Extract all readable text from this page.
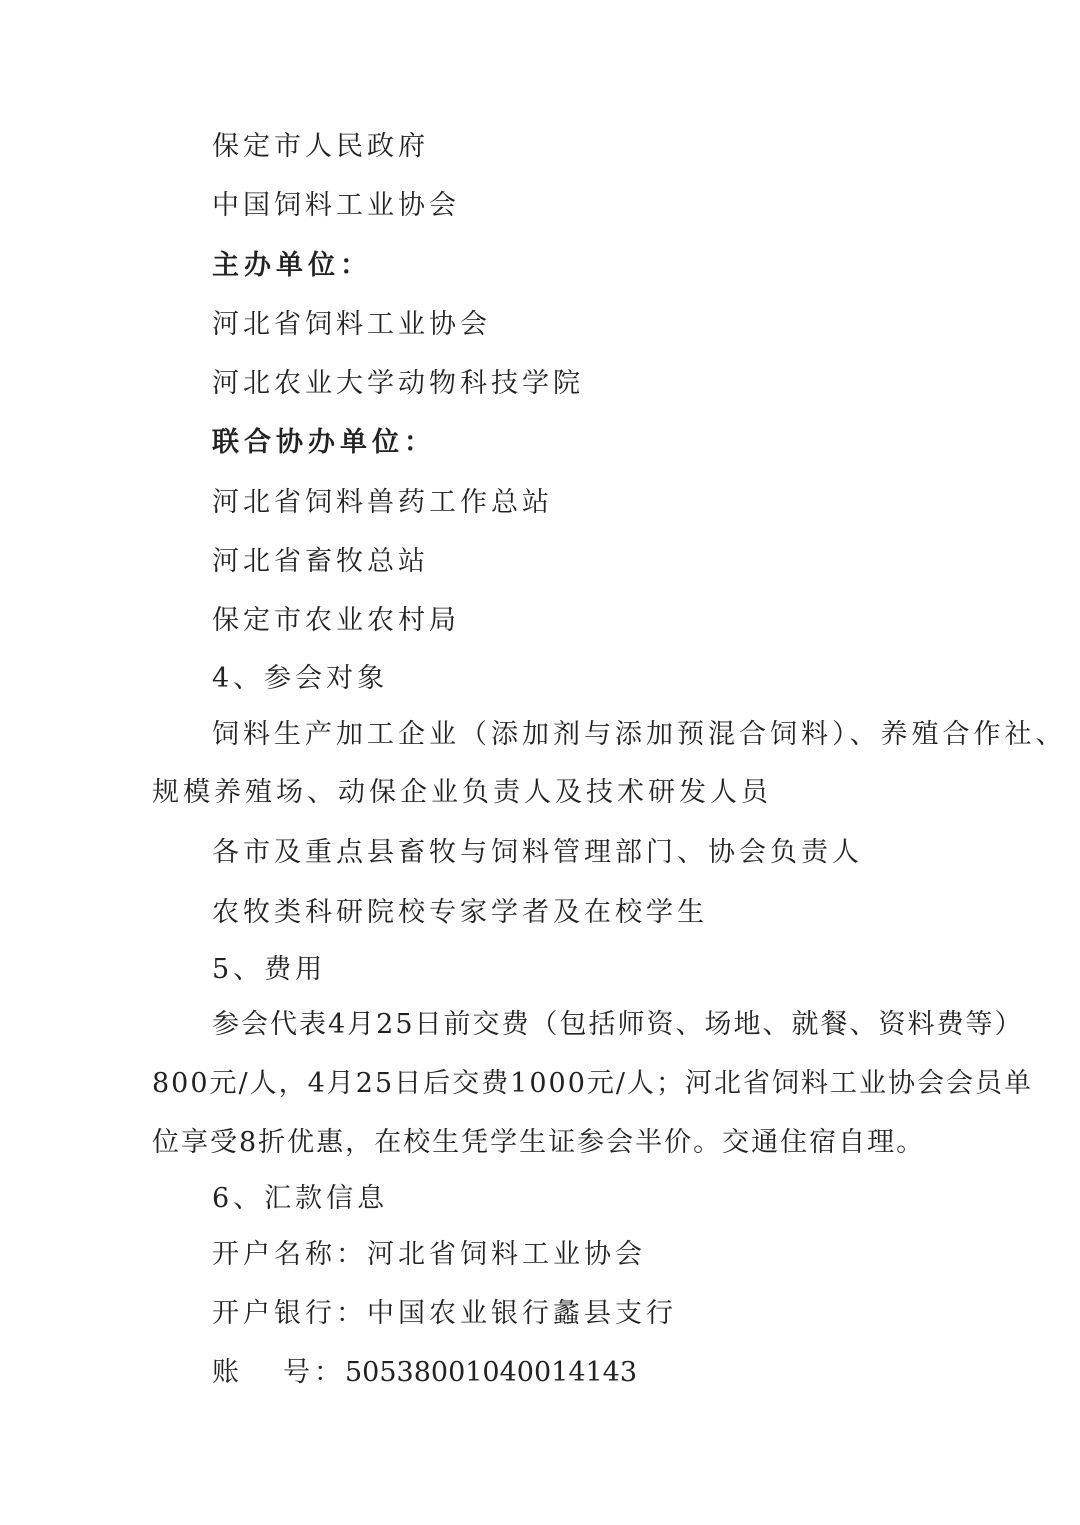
保定市人民政府
中国饲料工业协会
主办单位：
河北省饲料工业协会
河北农业大学动物科技学院
联合协办单位：
河北省饲料兽药工作总站
河北省畜牧总站
保定市农业农村局
4、参会对象
饲料生产加工企业（添加剂与添加预混合饲料）、养殖合作社、
规模养殖场、动保企业负责人及技术研发人员
各市及重点县畜牧与饲料管理部门、协会负责人
农牧类科研院校专家学者及在校学生
5、费用
参会代表4月25日前交费（包括师资、场地、就餐、资料费等）
800元/人，4月25日后交费1000元/人；河北省饲料工业协会会员单
位享受8折优惠，在校生凭学生证参会半价。交通住宿自理。
6、汇款信息
开户名称：河北省饲料工业协会
开户银行：中国农业银行蠡县支行
账 号：50538001040014143
